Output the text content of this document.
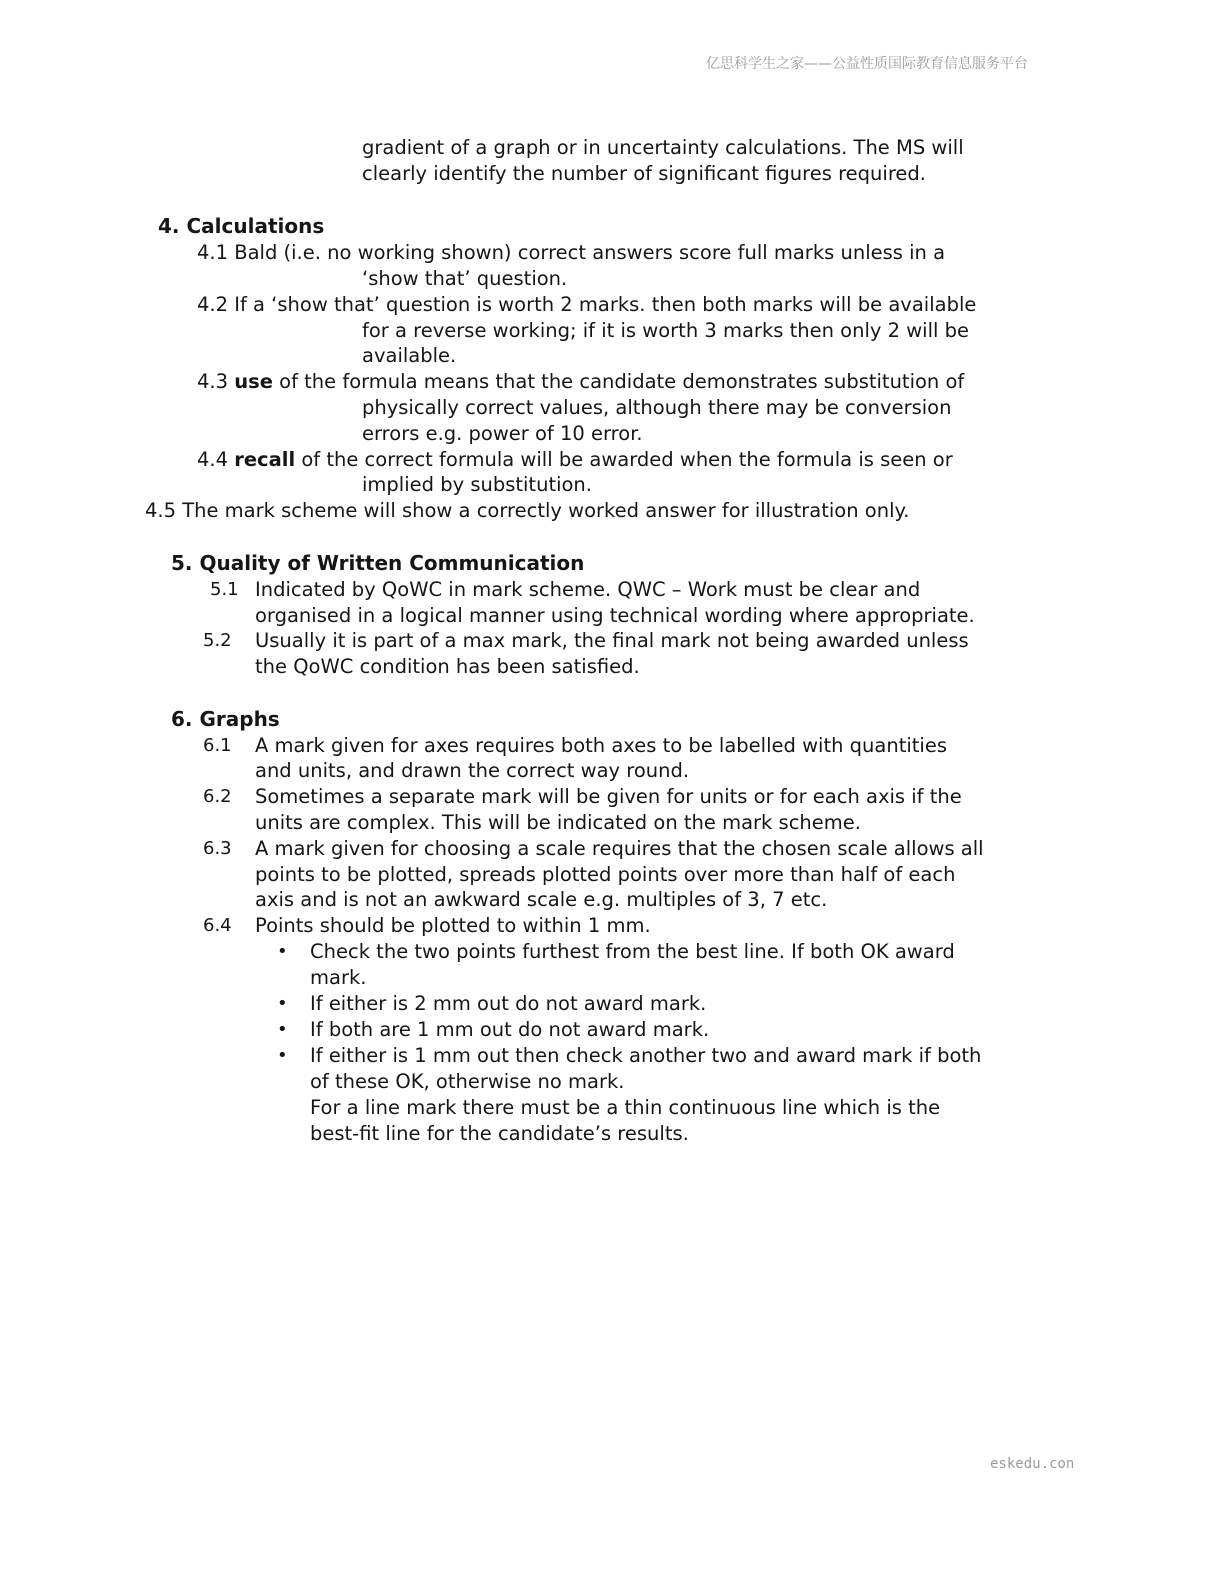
亿思科学生之家——公益性质国际教育信息服务平台
gradient of a graph or in uncertainty calculations. The MS will
clearly identify the number of significant figures required.
4. Calculations
4.1 Bald (i.e. no working shown) correct answers score full marks unless in a
‘show that’ question.
4.2 If a ‘show that’ question is worth 2 marks. then both marks will be available
for a reverse working; if it is worth 3 marks then only 2 will be
available.
4.3 use of the formula means that the candidate demonstrates substitution of
physically correct values, although there may be conversion
errors e.g. power of 10 error.
4.4 recall of the correct formula will be awarded when the formula is seen or
implied by substitution.
4.5 The mark scheme will show a correctly worked answer for illustration only.
5. Quality of Written Communication
5.1 Indicated by QoWC in mark scheme. QWC – Work must be clear and
organised in a logical manner using technical wording where appropriate.
5.2 Usually it is part of a max mark, the final mark not being awarded unless
the QoWC condition has been satisfied.
6. Graphs
6.1 A mark given for axes requires both axes to be labelled with quantities
and units, and drawn the correct way round.
6.2 Sometimes a separate mark will be given for units or for each axis if the
units are complex. This will be indicated on the mark scheme.
6.3 A mark given for choosing a scale requires that the chosen scale allows all
points to be plotted, spreads plotted points over more than half of each
axis and is not an awkward scale e.g. multiples of 3, 7 etc.
6.4 Points should be plotted to within 1 mm.
• Check the two points furthest from the best line. If both OK award
mark.
• If either is 2 mm out do not award mark.
• If both are 1 mm out do not award mark.
• If either is 1 mm out then check another two and award mark if both
of these OK, otherwise no mark.
For a line mark there must be a thin continuous line which is the
best-fit line for the candidate’s results.
eskedu.con
